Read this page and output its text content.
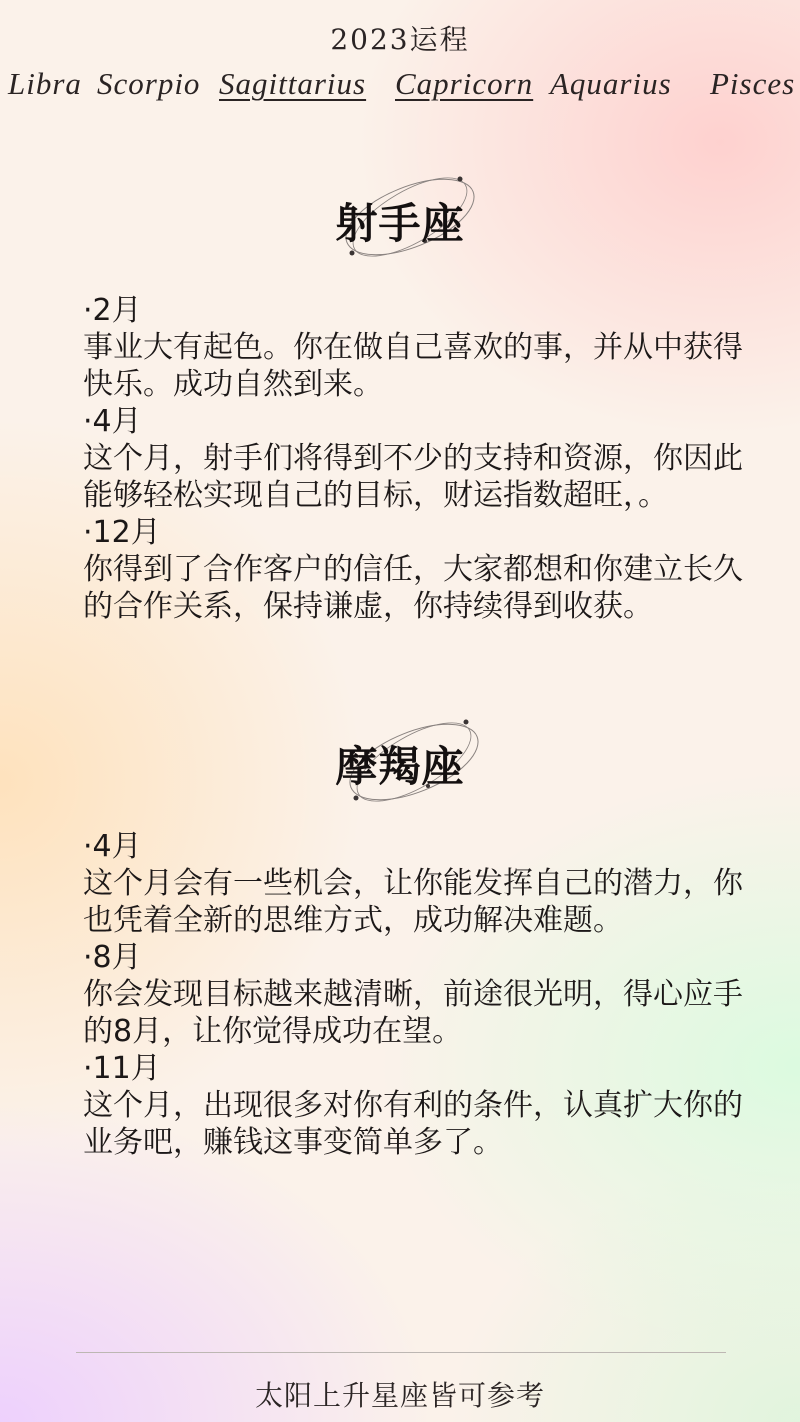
2023运程
Libra Scorpio Sagittarius Capricorn Aquarius Pisces
射手座
·2月
事业大有起色。你在做自己喜欢的事，并从中获得快乐。成功自然到来。
·4月
这个月，射手们将得到不少的支持和资源，你因此能够轻松实现自己的目标，财运指数超旺，。
·12月
你得到了合作客户的信任，大家都想和你建立长久的合作关系，保持谦虚，你持续得到收获。
摩羯座
·4月
这个月会有一些机会，让你能发挥自己的潜力，你也凭着全新的思维方式，成功解决难题。
·8月
你会发现目标越来越清晰，前途很光明，得心应手的8月，让你觉得成功在望。
·11月
这个月，出现很多对你有利的条件，认真扩大你的业务吧，赚钱这事变简单多了。
太阳上升星座皆可参考
